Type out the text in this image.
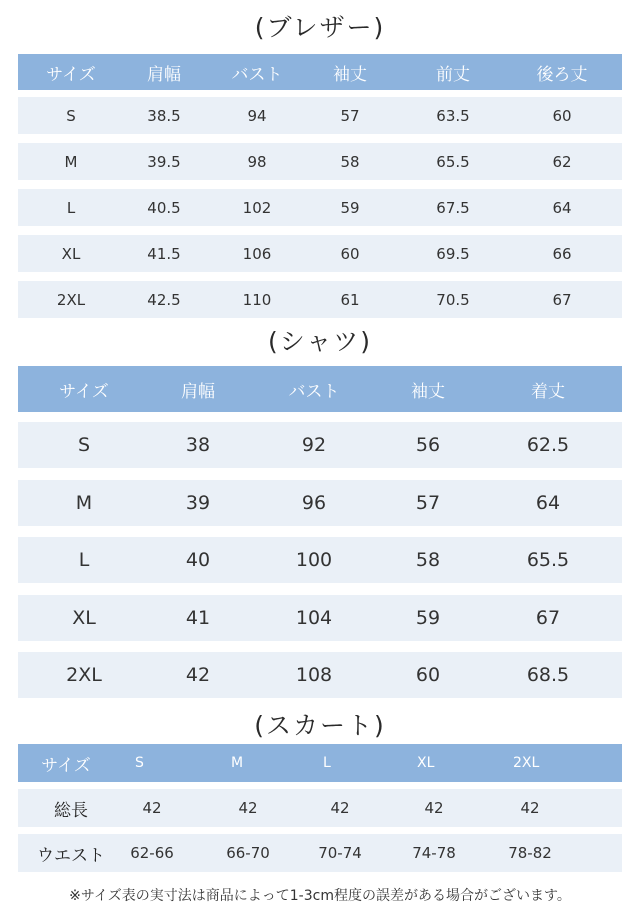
(ブレザー)
サイズ	肩幅	バスト	袖丈	前丈	後ろ丈
S	38.5	94	57	63.5	60
M	39.5	98	58	65.5	62
L	40.5	102	59	67.5	64
XL	41.5	106	60	69.5	66
2XL	42.5	110	61	70.5	67
(シャツ)
サイズ	肩幅	バスト	袖丈	着丈
S	38	92	56	62.5
M	39	96	57	64
L	40	100	58	65.5
XL	41	104	59	67
2XL	42	108	60	68.5
(スカート)
サイズ	S	M	L	XL	2XL
総長	42	42	42	42	42
ウエスト	62-66	66-70	70-74	74-78	78-82
※サイズ表の実寸法は商品によって1-3cm程度の誤差がある場合がございます。
